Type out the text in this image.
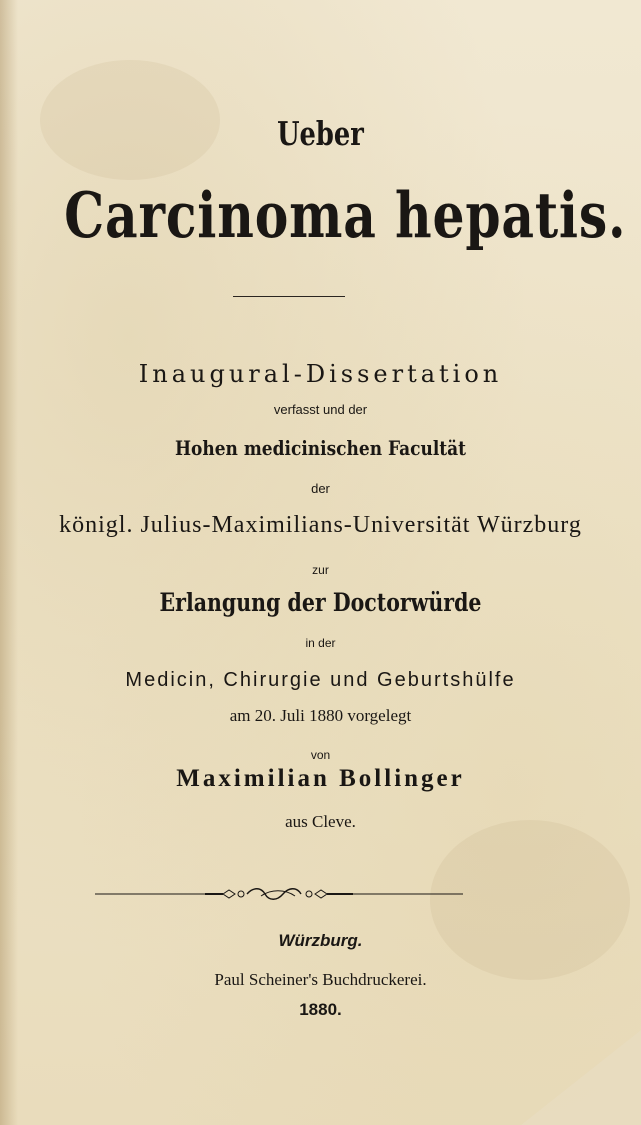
Ueber
Carcinoma hepatis.
Inaugural-Dissertation
verfasst und der
Hohen medicinischen Facultät
der
königl. Julius-Maximilians-Universität Würzburg
zur
Erlangung der Doctorwürde
in der
Medicin, Chirurgie und Geburtshülfe
am 20. Juli 1880 vorgelegt
von
Maximilian Bollinger
aus Cleve.
Würzburg.
Paul Scheiner's Buchdruckerei.
1880.
